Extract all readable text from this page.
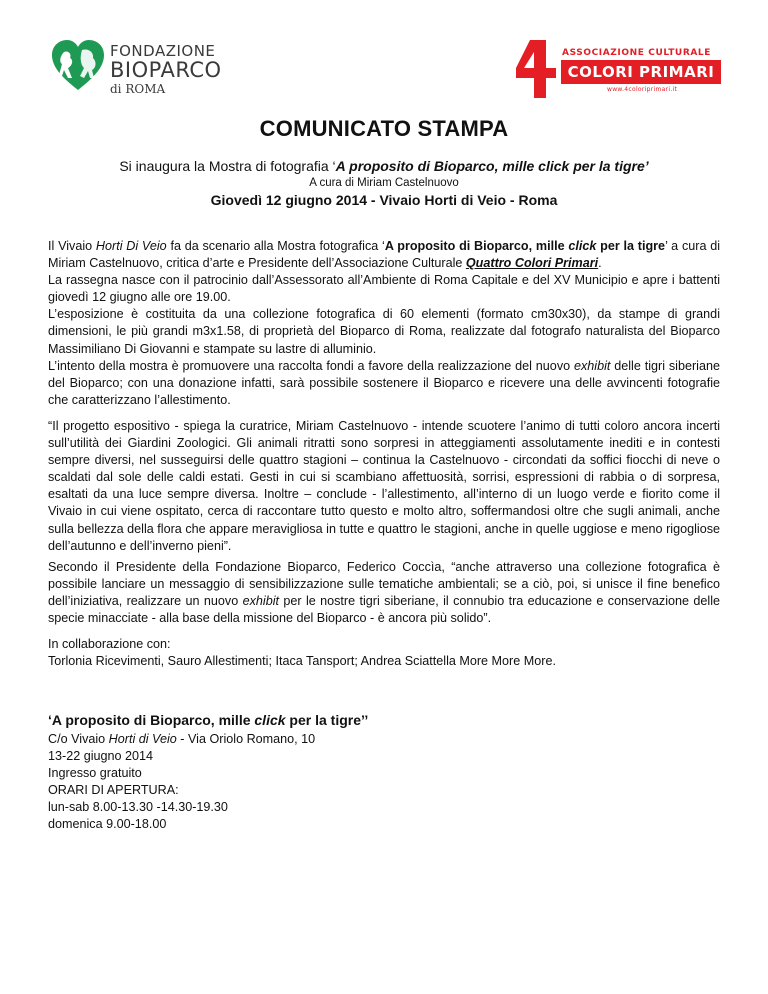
FONDAZIONE
BIOPARCO
di ROMA
ASSOCIAZIONE CULTURALE
COLORI PRIMARI
www.4coloriprimari.it
COMUNICATO STAMPA
Si inaugura la Mostra di fotografia ‘A proposito di Bioparco, mille click per la tigre’
A cura di Miriam Castelnuovo
Giovedì 12 giugno 2014 - Vivaio Horti di Veio - Roma

Il Vivaio Horti Di Veio fa da scenario alla Mostra fotografica ‘A proposito di Bioparco, mille click per la tigre’ a cura di Miriam Castelnuovo, critica d’arte e Presidente dell’Associazione Culturale Quattro Colori Primari.

La rassegna nasce con il patrocinio dall’Assessorato all’Ambiente di Roma Capitale e del XV Municipio e apre i battenti giovedì 12 giugno alle ore 19.00.

L’esposizione è costituita da una collezione fotografica di 60 elementi (formato cm30x30), da stampe di grandi dimensioni, le più grandi m3x1.58, di proprietà del Bioparco di Roma, realizzate dal fotografo naturalista del Bioparco Massimiliano Di Giovanni e stampate su lastre di alluminio.

L’intento della mostra è promuovere una raccolta fondi a favore della realizzazione del nuovo exhibit delle tigri siberiane del Bioparco; con una donazione infatti, sarà possibile sostenere il Bioparco e ricevere una delle avvincenti fotografie che caratterizzano l’allestimento.

“Il progetto espositivo - spiega la curatrice, Miriam Castelnuovo - intende scuotere l’animo di tutti coloro ancora incerti sull’utilità dei Giardini Zoologici. Gli animali ritratti sono sorpresi in atteggiamenti assolutamente inediti e in contesti sempre diversi, nel susseguirsi delle quattro stagioni – continua la Castelnuovo - circondati da soffici fiocchi di neve o scaldati dal sole delle caldi estati. Gesti in cui si scambiano affettuosità, sorrisi, espressioni di rabbia o di sorpresa, esaltati da una luce sempre diversa. Inoltre – conclude - l’allestimento, all’interno di un luogo verde e fiorito come il Vivaio in cui viene ospitato, cerca di raccontare tutto questo e molto altro, soffermandosi oltre che sugli animali, anche sulla bellezza della flora che appare meravigliosa in tutte e quattro le stagioni, anche in quelle uggiose e meno rigogliose dell’autunno e dell’inverno pieni”.

Secondo il Presidente della Fondazione Bioparco, Federico Coccìa, “anche attraverso una collezione fotografica è possibile lanciare un messaggio di sensibilizzazione sulle tematiche ambientali; se a ciò, poi, si unisce il fine benefico dell’iniziativa, realizzare un nuovo exhibit per le nostre tigri siberiane, il connubio tra educazione e conservazione delle specie minacciate - alla base della missione del Bioparco - è ancora più solido”.

In collaborazione con:

Torlonia Ricevimenti, Sauro Allestimenti; Itaca Tansport; Andrea Sciattella More More More.

‘A proposito di Bioparco, mille click per la tigre’’
C/o Vivaio Horti di Veio - Via Oriolo Romano, 10
13-22 giugno 2014
Ingresso gratuito
ORARI DI APERTURA:
lun-sab 8.00-13.30 -14.30-19.30
domenica 9.00-18.00
